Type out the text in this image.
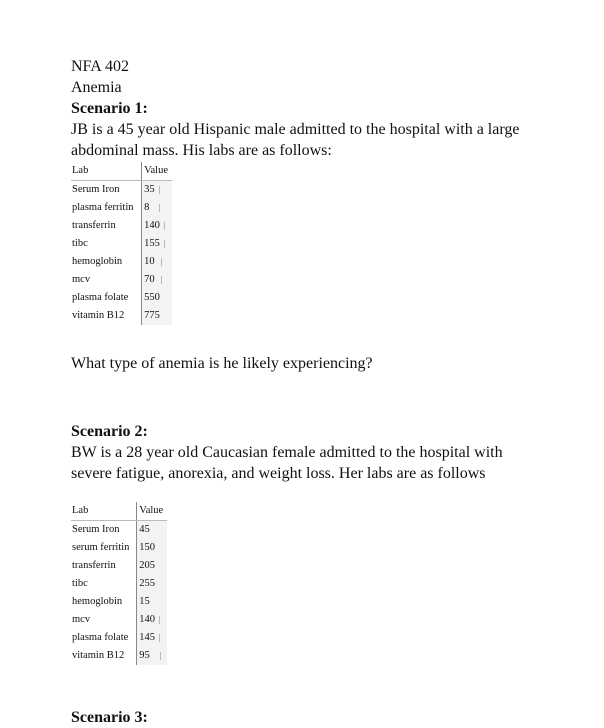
NFA 402
Anemia
Scenario 1:
JB is a 45 year old Hispanic male admitted to the hospital with a large abdominal mass. His labs are as follows:
Lab	Value
Serum Iron	35
plasma ferritin	8
transferrin	140
tibc	155
hemoglobin	10
mcv	70
plasma folate	550
vitamin B12	775
What type of anemia is he likely experiencing?
Scenario 2:
BW is a 28 year old Caucasian female admitted to the hospital with severe fatigue, anorexia, and weight loss. Her labs are as follows
Lab	Value
Serum Iron	45
serum ferritin	150
transferrin	205
tibc	255
hemoglobin	15
mcv	140
plasma folate	145
vitamin B12	95
Scenario 3:
